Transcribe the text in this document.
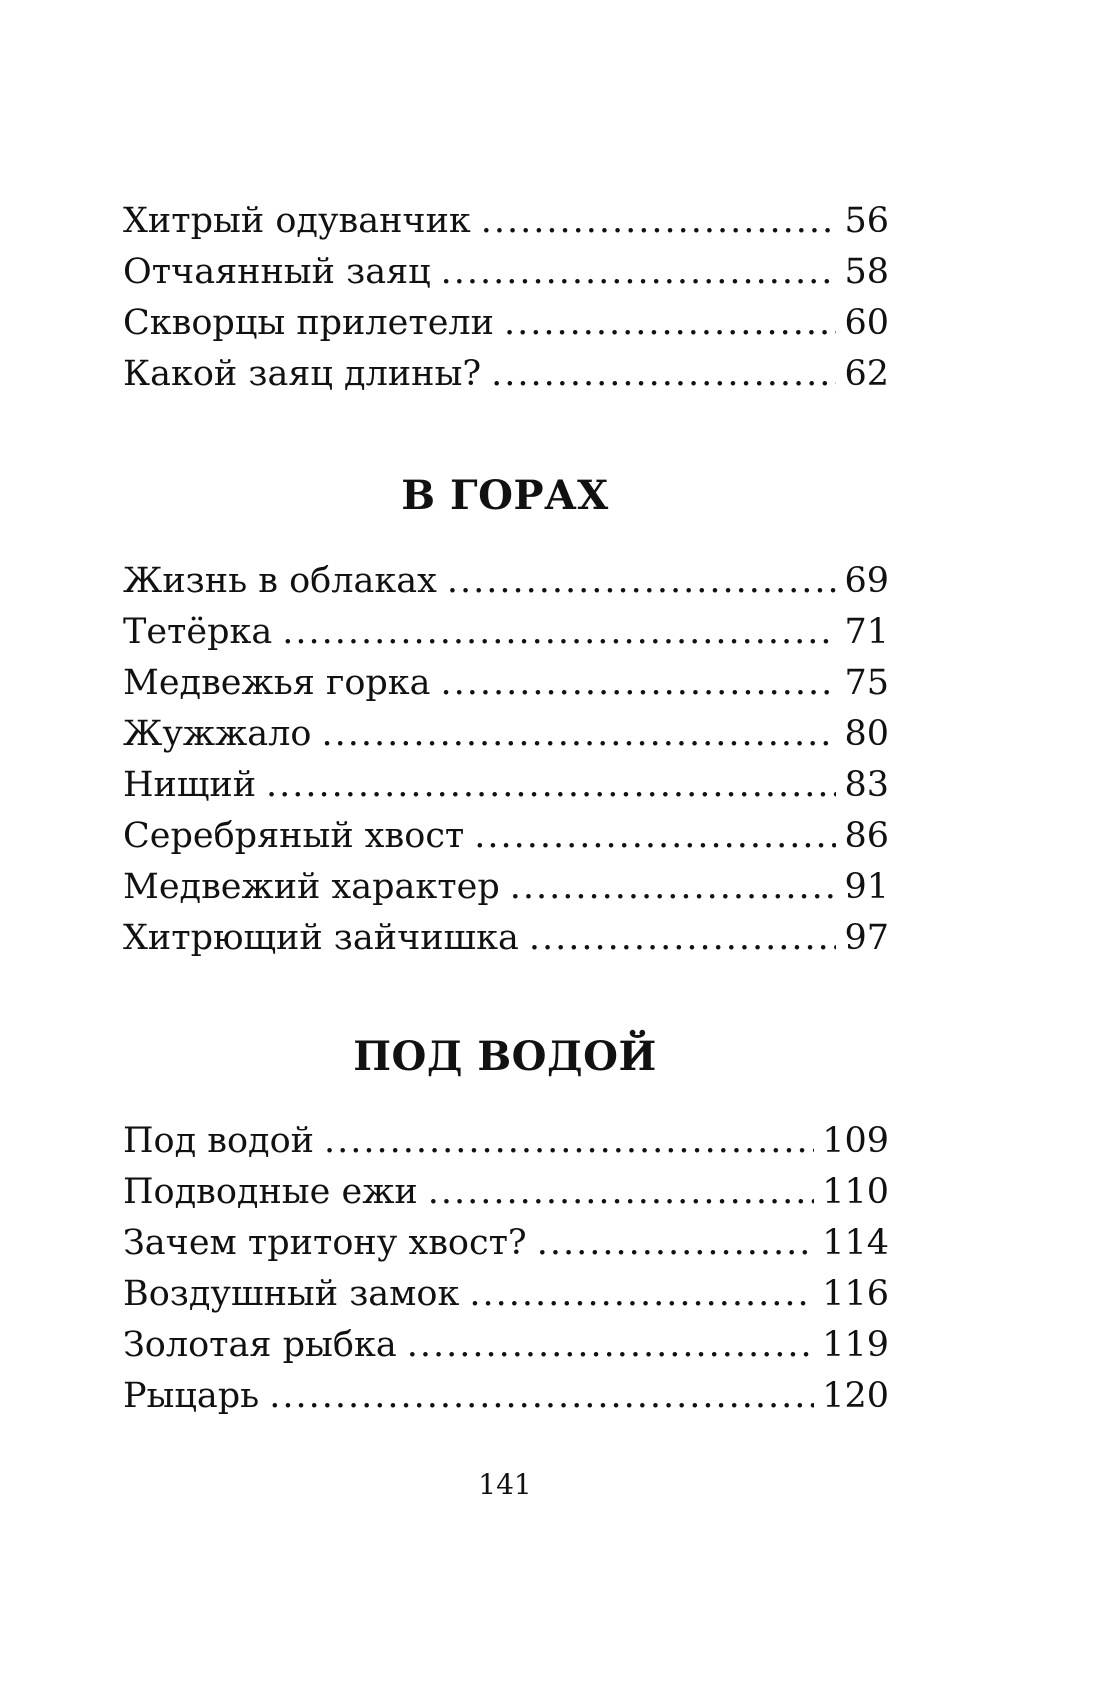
Хитрый одуванчик .....	56
Отчаянный заяц .....	58
Скворцы прилетели .....	60
Какой заяц длины? .....	62
В ГОРАХ
Жизнь в облаках .....	69
Тетёрка .....	71
Медвежья горка .....	75
Жужжало .....	80
Нищий .....	83
Серебряный хвост .....	86
Медвежий характер .....	91
Хитрющий зайчишка .....	97
ПОД ВОДОЙ
Под водой .....	109
Подводные ежи .....	110
Зачем тритону хвост? .....	114
Воздушный замок .....	116
Золотая рыбка .....	119
Рыцарь .....	120
141
